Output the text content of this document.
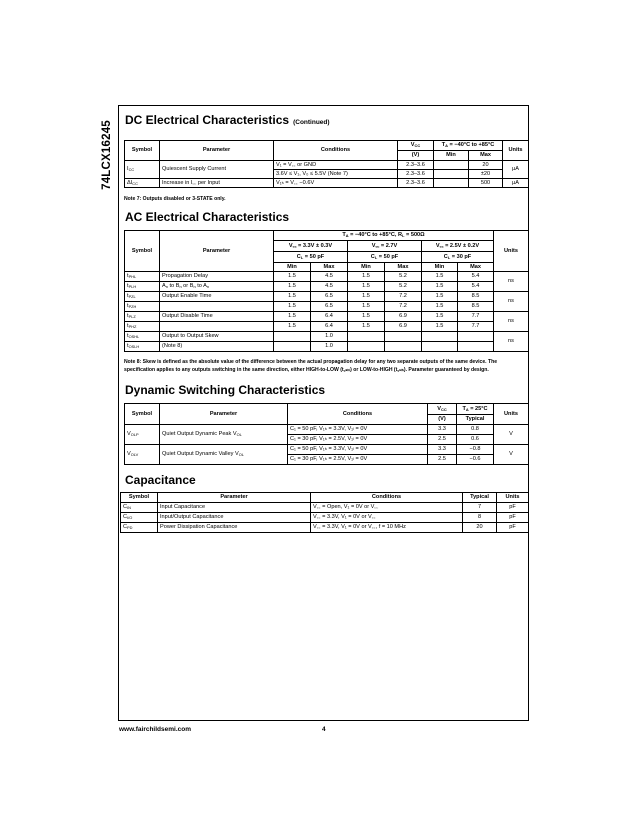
74LCX16245
DC Electrical Characteristics (Continued)
Symbol	Parameter	Conditions	$V_{CC}$	$T_A = -40^\circ C$ to +85°C		Units
			(V)	Min	Max	
$I_{CC}$	Quiescent Supply Current	V₁ = V꜀꜀ or GND	2.3–3.6		20	µA
		3.6V ≤ V₁, V₀ ≤ 5.5V (Note 7)	2.3–3.6		±20	
$\Delta I_{CC}$	Increase in I꜀꜀ per Input	V₁ₕ = V꜀꜀ −0.6V	2.3–3.6		500	µA
Note 7: Outputs disabled or 3-STATE only.
AC Electrical Characteristics
Symbol	Parameter	$T_A = -40^\circ C$ to +85°C, $R_L = 500\Omega$						Units
		V꜀꜀ = 3.3V ± 0.3V		V꜀꜀ = 2.7V		V꜀꜀ = 2.5V ± 0.2V		
		$C_L = 50$ pF		$C_L = 50$ pF		$C_L = 30$ pF		
		Min	Max	Min	Max	Min	Max	
$t_{PHL}$	Propagation Delay	1.5	4.5	1.5	5.2	1.5	5.4	ns
$t_{PLH}$	$A_n$ to $B_n$ or $B_n$ to $A_n$	1.5	4.5	1.5	5.2	1.5	5.4	
$t_{PZL}$	Output Enable Time	1.5	6.5	1.5	7.2	1.5	8.5	ns
$t_{PZH}$		1.5	6.5	1.5	7.2	1.5	8.5	
$t_{PLZ}$	Output Disable Time	1.5	6.4	1.5	6.9	1.5	7.7	ns
$t_{PHZ}$		1.5	6.4	1.5	6.9	1.5	7.7	
$t_{OSHL}$	Output to Output Skew		1.0					ns
$t_{OSLH}$	(Note 8)		1.0					
Note 8: Skew is defined as the absolute value of the difference between the actual propagation delay for any two separate outputs of the same device. The specification applies to any outputs switching in the same direction, either HIGH-to-LOW (t꜀ₛₕₗ) or LOW-to-HIGH (t꜀ₛₗₕ). Parameter guaranteed by design.
Dynamic Switching Characteristics
Symbol	Parameter	Conditions	$V_{CC}$	$T_A = 25^\circ C$	Units
			(V)	Typical	
$V_{OLP}$	Quiet Output Dynamic Peak $V_{OL}$	C₁ = 50 pF, V₁ₕ = 3.3V, V₁ₗ = 0V	3.3	0.8	V
		C₁ = 30 pF, V₁ₕ = 2.5V, V₁ₗ = 0V	2.5	0.6	
$V_{OLV}$	Quiet Output Dynamic Valley $V_{OL}$	C₁ = 50 pF, V₁ₕ = 3.3V, V₁ₗ = 0V	3.3	−0.8	V
		C₁ = 30 pF, V₁ₕ = 2.5V, V₁ₗ = 0V	2.5	−0.6	
Capacitance
Symbol	Parameter	Conditions	Typical	Units
$C_{IN}$	Input Capacitance	V꜀꜀ = Open, V₁ = 0V or V꜀꜀	7	pF
$C_{I/O}$	Input/Output Capacitance	V꜀꜀ = 3.3V, V₁ = 0V or V꜀꜀	8	pF
$C_{PD}$	Power Dissipation Capacitance	V꜀꜀ = 3.3V, V₁ = 0V or V꜀꜀, f = 10 MHz	20	pF
www.fairchildsemi.com	4
